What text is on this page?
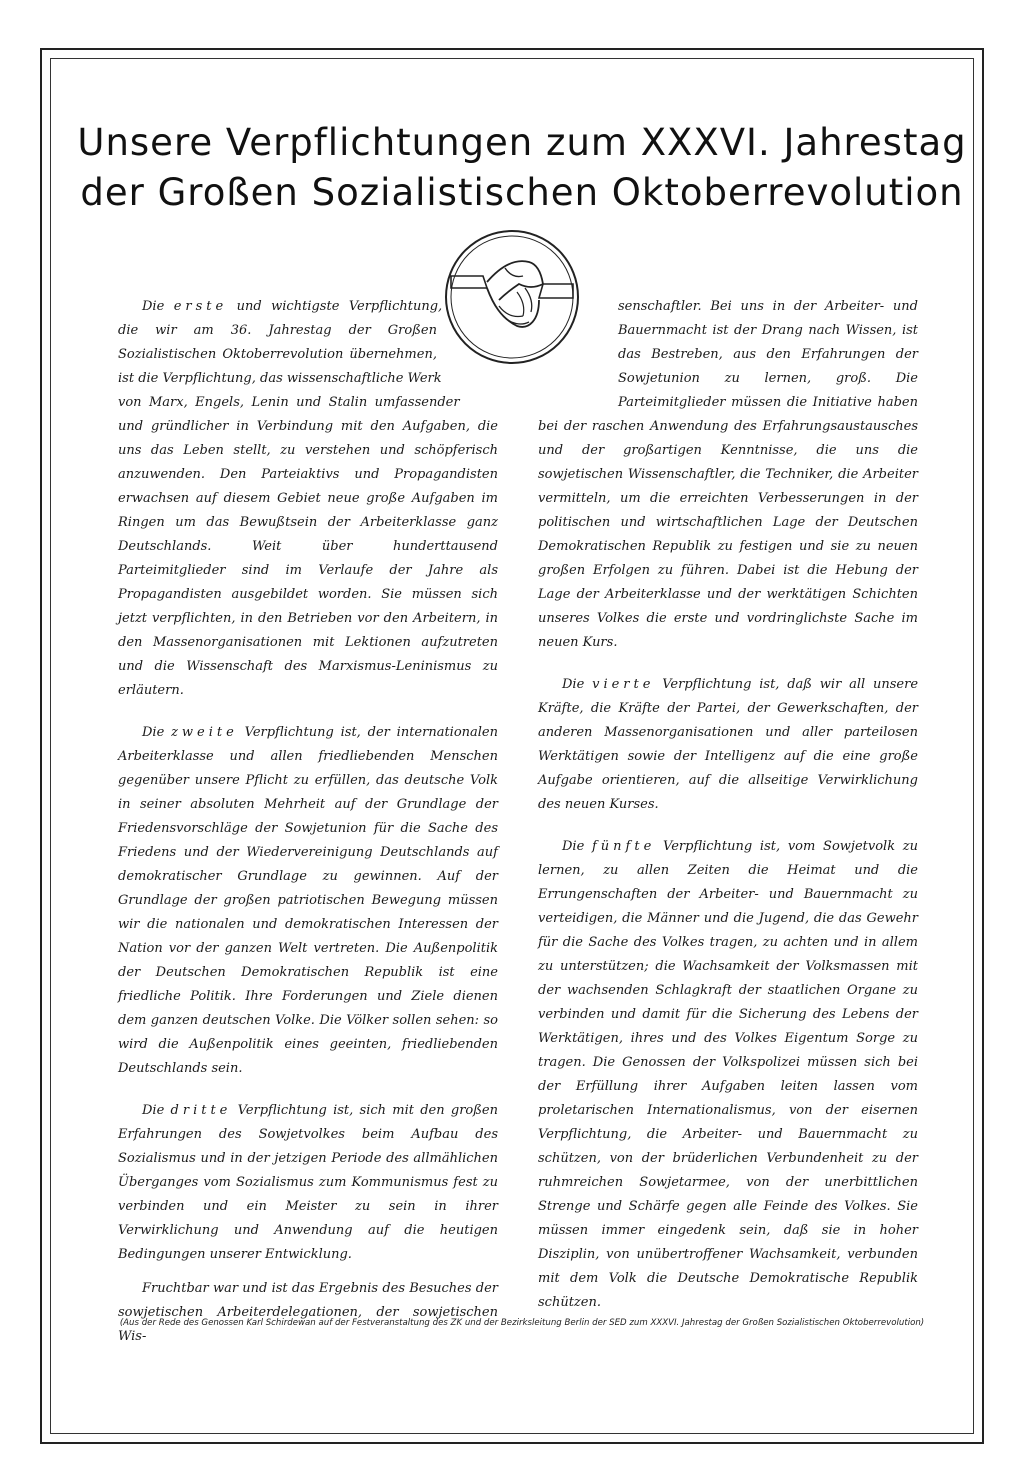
Unsere Verpflichtungen zum XXXVI. Jahrestag
der Großen Sozialistischen Oktoberrevolution

Die erste und wichtigste Verpflichtung, die wir am 36. Jahrestag der Großen Sozialistischen Oktoberrevolution übernehmen, ist die Verpflichtung, das wissenschaftliche Werk von Marx, Engels, Lenin und Stalin umfassender und gründlicher in Verbindung mit den Aufgaben, die uns das Leben stellt, zu verstehen und schöpferisch anzuwenden. Den Parteiaktivs und Propagandisten erwachsen auf diesem Gebiet neue große Aufgaben im Ringen um das Bewußtsein der Arbeiterklasse ganz Deutschlands. Weit über hunderttausend Parteimitglieder sind im Verlaufe der Jahre als Propagandisten ausgebildet worden. Sie müssen sich jetzt verpflichten, in den Betrieben vor den Arbeitern, in den Massenorganisationen mit Lektionen aufzutreten und die Wissenschaft des Marxismus-Leninismus zu erläutern.

Die zweite Verpflichtung ist, der internationalen Arbeiterklasse und allen friedliebenden Menschen gegenüber unsere Pflicht zu erfüllen, das deutsche Volk in seiner absoluten Mehrheit auf der Grundlage der Friedensvorschläge der Sowjetunion für die Sache des Friedens und der Wiedervereinigung Deutschlands auf demokratischer Grundlage zu gewinnen. Auf der Grundlage der großen patriotischen Bewegung müssen wir die nationalen und demokratischen Interessen der Nation vor der ganzen Welt vertreten. Die Außenpolitik der Deutschen Demokratischen Republik ist eine friedliche Politik. Ihre Forderungen und Ziele dienen dem ganzen deutschen Volke. Die Völker sollen sehen: so wird die Außenpolitik eines geeinten, friedliebenden Deutschlands sein.

Die dritte Verpflichtung ist, sich mit den großen Erfahrungen des Sowjetvolkes beim Aufbau des Sozialismus und in der jetzigen Periode des allmählichen Überganges vom Sozialismus zum Kommunismus fest zu verbinden und ein Meister zu sein in ihrer Verwirklichung und Anwendung auf die heutigen Bedingungen unserer Entwicklung.

Fruchtbar war und ist das Ergebnis des Besuches der sowjetischen Arbeiterdelegationen, der sowjetischen Wis-

senschaftler. Bei uns in der Arbeiter- und Bauernmacht ist der Drang nach Wissen, ist das Bestreben, aus den Erfahrungen der Sowjetunion zu lernen, groß. Die Parteimitglieder müssen die Initiative haben bei der raschen Anwendung des Erfahrungsaustausches und der großartigen Kenntnisse, die uns die sowjetischen Wissenschaftler, die Techniker, die Arbeiter vermitteln, um die erreichten Verbesserungen in der politischen und wirtschaftlichen Lage der Deutschen Demokratischen Republik zu festigen und sie zu neuen großen Erfolgen zu führen. Dabei ist die Hebung der Lage der Arbeiterklasse und der werktätigen Schichten unseres Volkes die erste und vordringlichste Sache im neuen Kurs.

Die vierte Verpflichtung ist, daß wir all unsere Kräfte, die Kräfte der Partei, der Gewerkschaften, der anderen Massenorganisationen und aller parteilosen Werktätigen sowie der Intelligenz auf die eine große Aufgabe orientieren, auf die allseitige Verwirklichung des neuen Kurses.

Die fünfte Verpflichtung ist, vom Sowjetvolk zu lernen, zu allen Zeiten die Heimat und die Errungenschaften der Arbeiter- und Bauernmacht zu verteidigen, die Männer und die Jugend, die das Gewehr für die Sache des Volkes tragen, zu achten und in allem zu unterstützen; die Wachsamkeit der Volksmassen mit der wachsenden Schlagkraft der staatlichen Organe zu verbinden und damit für die Sicherung des Lebens der Werktätigen, ihres und des Volkes Eigentum Sorge zu tragen. Die Genossen der Volkspolizei müssen sich bei der Erfüllung ihrer Aufgaben leiten lassen vom proletarischen Internationalismus, von der eisernen Verpflichtung, die Arbeiter- und Bauernmacht zu schützen, von der brüderlichen Verbundenheit zu der ruhmreichen Sowjetarmee, von der unerbittlichen Strenge und Schärfe gegen alle Feinde des Volkes. Sie müssen immer eingedenk sein, daß sie in hoher Disziplin, von unübertroffener Wachsamkeit, verbunden mit dem Volk die Deutsche Demokratische Republik schützen.

(Aus der Rede des Genossen Karl Schirdewan auf der Festveranstaltung des ZK und der Bezirksleitung Berlin der SED zum XXXVI. Jahrestag der Großen Sozialistischen Oktoberrevolution)
